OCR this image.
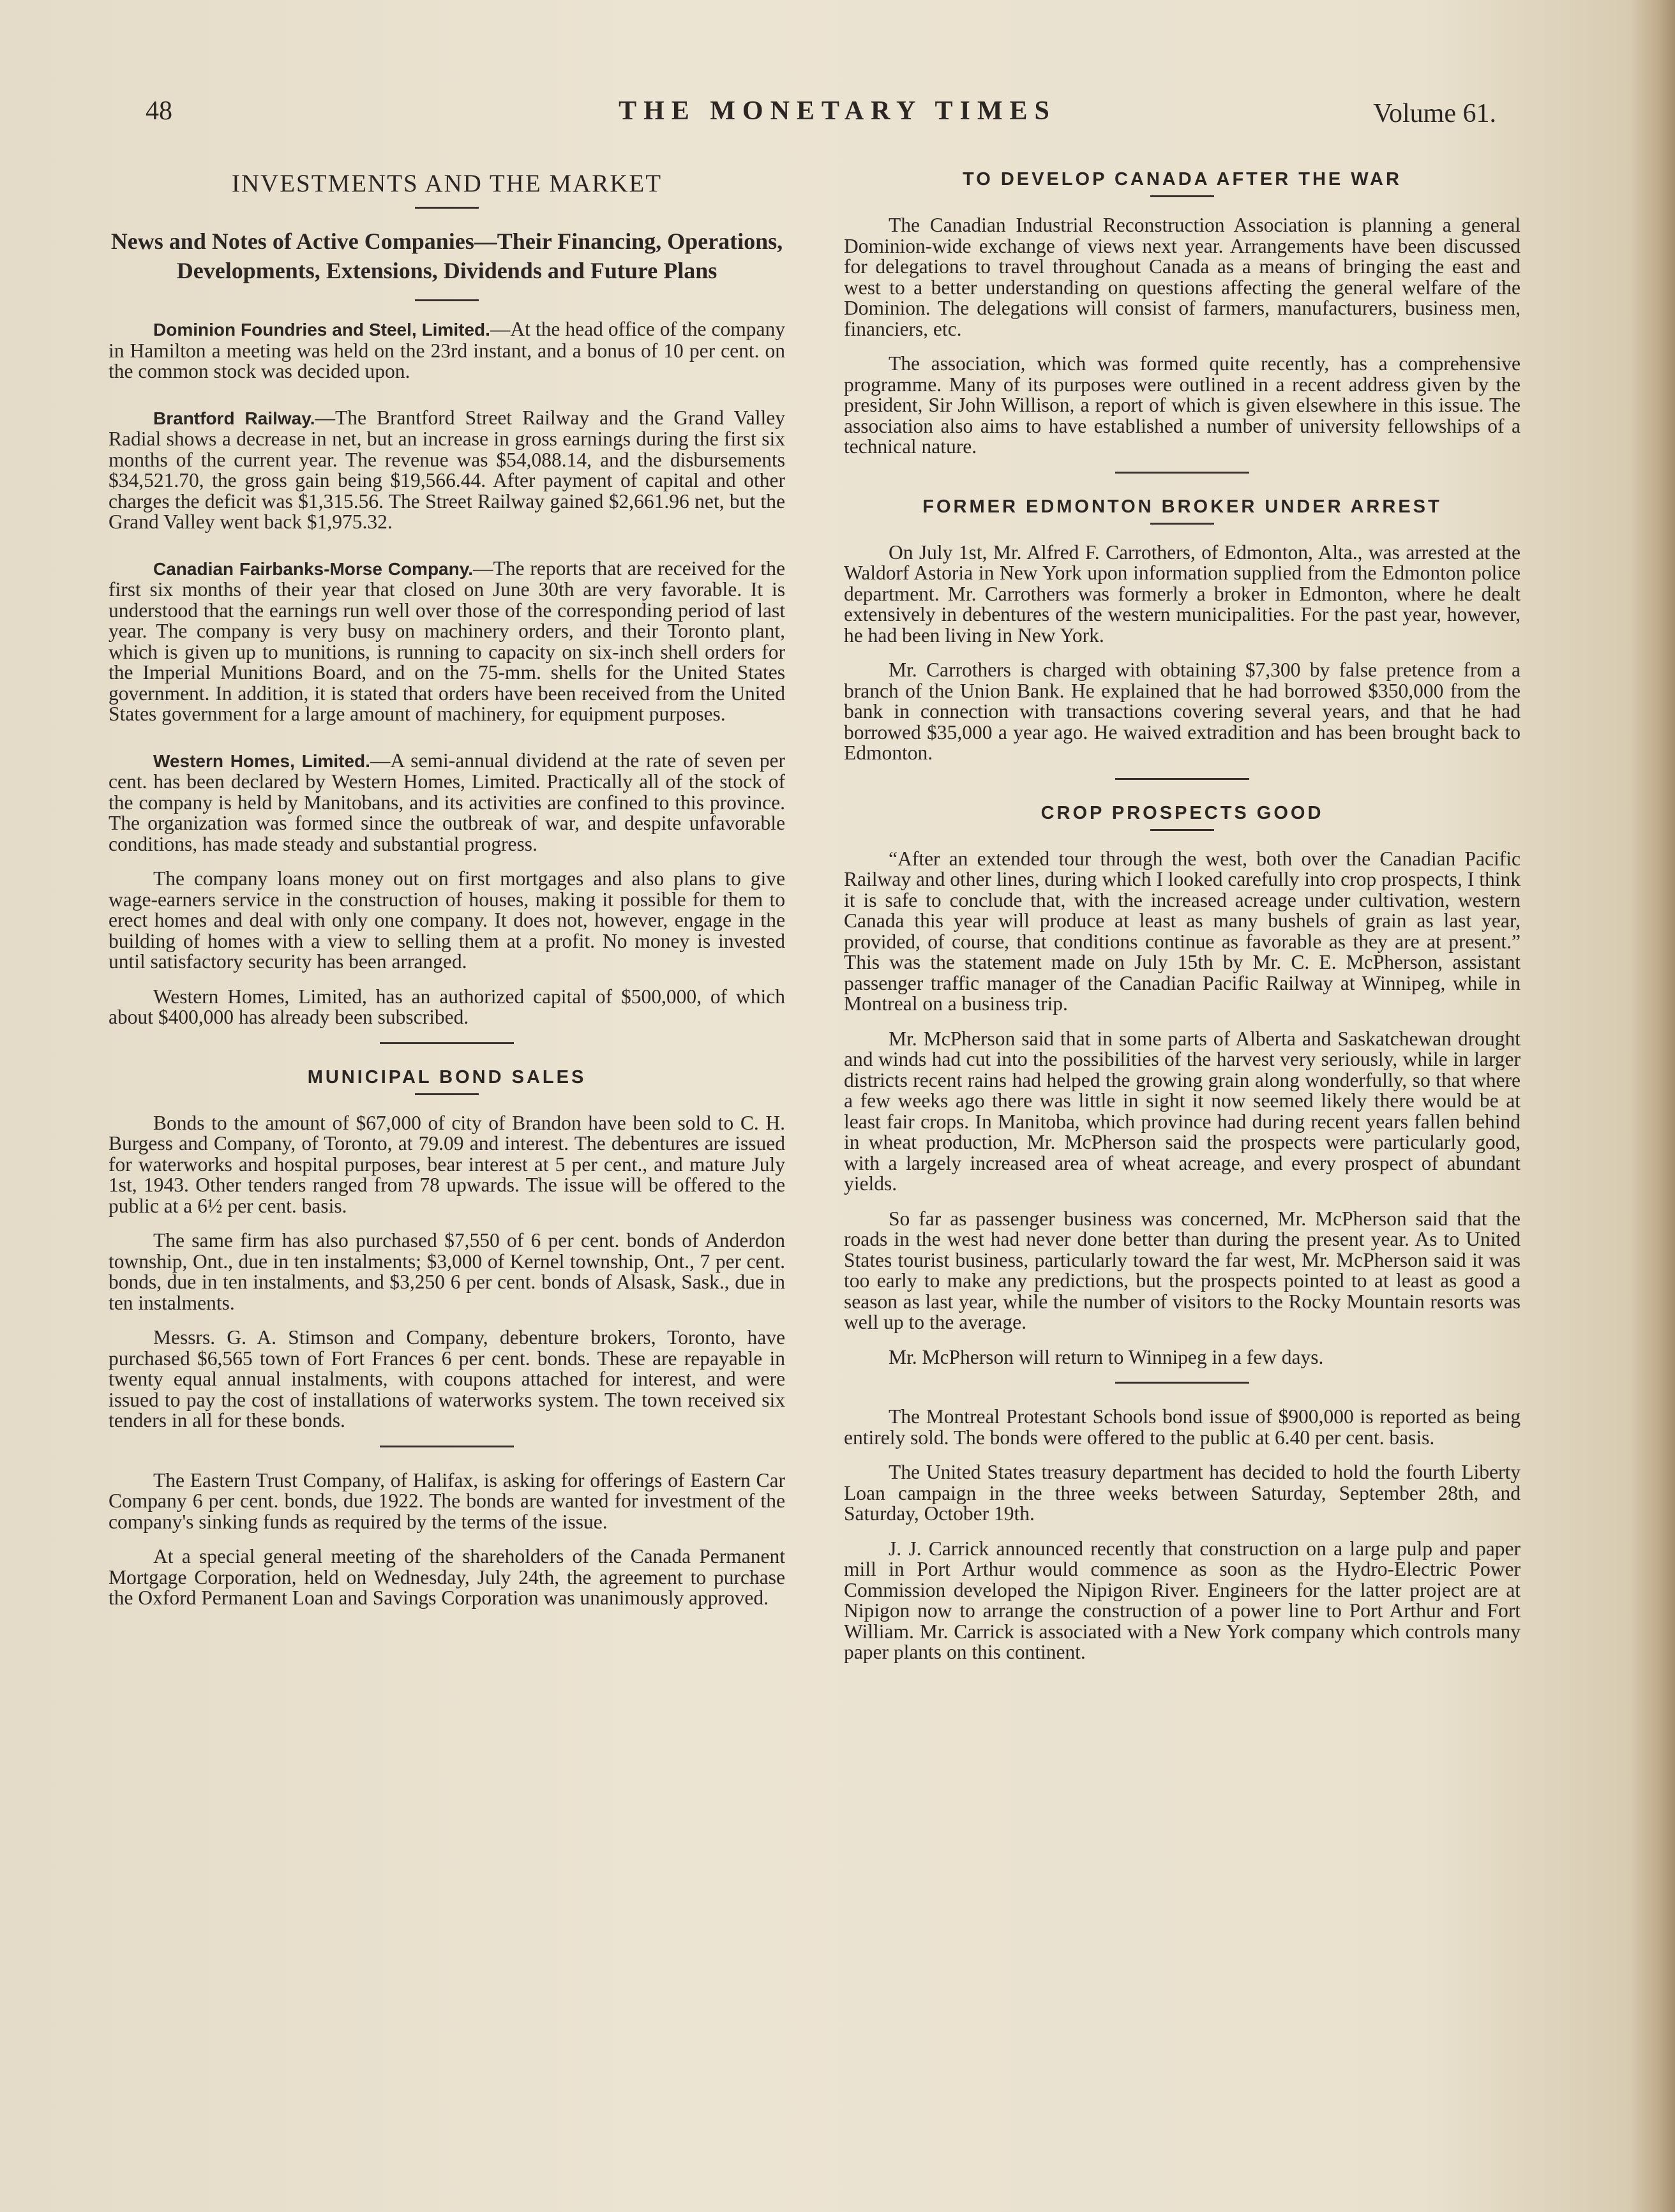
48	THE MONETARY TIMES	Volume 61.
INVESTMENTS AND THE MARKET
News and Notes of Active Companies—Their Financing, Operations, Developments, Extensions, Dividends and Future Plans

Dominion Foundries and Steel, Limited.—At the head office of the company in Hamilton a meeting was held on the 23rd instant, and a bonus of 10 per cent. on the common stock was decided upon.

Brantford Railway.—The Brantford Street Railway and the Grand Valley Radial shows a decrease in net, but an increase in gross earnings during the first six months of the current year. The revenue was $54,088.14, and the disbursements $34,521.70, the gross gain being $19,566.44. After payment of capital and other charges the deficit was $1,315.56. The Street Railway gained $2,661.96 net, but the Grand Valley went back $1,975.32.

Canadian Fairbanks-Morse Company.—The reports that are received for the first six months of their year that closed on June 30th are very favorable. It is understood that the earnings run well over those of the corresponding period of last year. The company is very busy on machinery orders, and their Toronto plant, which is given up to munitions, is running to capacity on six-inch shell orders for the Imperial Munitions Board, and on the 75-mm. shells for the United States government. In addition, it is stated that orders have been received from the United States government for a large amount of machinery, for equipment purposes.

Western Homes, Limited.—A semi-annual dividend at the rate of seven per cent. has been declared by Western Homes, Limited. Practically all of the stock of the company is held by Manitobans, and its activities are confined to this province. The organization was formed since the outbreak of war, and despite unfavorable conditions, has made steady and substantial progress.

The company loans money out on first mortgages and also plans to give wage-earners service in the construction of houses, making it possible for them to erect homes and deal with only one company. It does not, however, engage in the building of homes with a view to selling them at a profit. No money is invested until satisfactory security has been arranged.

Western Homes, Limited, has an authorized capital of $500,000, of which about $400,000 has already been subscribed.

MUNICIPAL BOND SALES

Bonds to the amount of $67,000 of city of Brandon have been sold to C. H. Burgess and Company, of Toronto, at 79.09 and interest. The debentures are issued for waterworks and hospital purposes, bear interest at 5 per cent., and mature July 1st, 1943. Other tenders ranged from 78 upwards. The issue will be offered to the public at a 6½ per cent. basis.

The same firm has also purchased $7,550 of 6 per cent. bonds of Anderdon township, Ont., due in ten instalments; $3,000 of Kernel township, Ont., 7 per cent. bonds, due in ten instalments, and $3,250 6 per cent. bonds of Alsask, Sask., due in ten instalments.

Messrs. G. A. Stimson and Company, debenture brokers, Toronto, have purchased $6,565 town of Fort Frances 6 per cent. bonds. These are repayable in twenty equal annual instalments, with coupons attached for interest, and were issued to pay the cost of installations of waterworks system. The town received six tenders in all for these bonds.

The Eastern Trust Company, of Halifax, is asking for offerings of Eastern Car Company 6 per cent. bonds, due 1922. The bonds are wanted for investment of the company's sinking funds as required by the terms of the issue.

At a special general meeting of the shareholders of the Canada Permanent Mortgage Corporation, held on Wednesday, July 24th, the agreement to purchase the Oxford Permanent Loan and Savings Corporation was unanimously approved.

TO DEVELOP CANADA AFTER THE WAR

The Canadian Industrial Reconstruction Association is planning a general Dominion-wide exchange of views next year. Arrangements have been discussed for delegations to travel throughout Canada as a means of bringing the east and west to a better understanding on questions affecting the general welfare of the Dominion. The delegations will consist of farmers, manufacturers, business men, financiers, etc.

The association, which was formed quite recently, has a comprehensive programme. Many of its purposes were outlined in a recent address given by the president, Sir John Willison, a report of which is given elsewhere in this issue. The association also aims to have established a number of university fellowships of a technical nature.

FORMER EDMONTON BROKER UNDER ARREST

On July 1st, Mr. Alfred F. Carrothers, of Edmonton, Alta., was arrested at the Waldorf Astoria in New York upon information supplied from the Edmonton police department. Mr. Carrothers was formerly a broker in Edmonton, where he dealt extensively in debentures of the western municipalities. For the past year, however, he had been living in New York.

Mr. Carrothers is charged with obtaining $7,300 by false pretence from a branch of the Union Bank. He explained that he had borrowed $350,000 from the bank in connection with transactions covering several years, and that he had borrowed $35,000 a year ago. He waived extradition and has been brought back to Edmonton.

CROP PROSPECTS GOOD

“After an extended tour through the west, both over the Canadian Pacific Railway and other lines, during which I looked carefully into crop prospects, I think it is safe to conclude that, with the increased acreage under cultivation, western Canada this year will produce at least as many bushels of grain as last year, provided, of course, that conditions continue as favorable as they are at present.” This was the statement made on July 15th by Mr. C. E. McPherson, assistant passenger traffic manager of the Canadian Pacific Railway at Winnipeg, while in Montreal on a business trip.

Mr. McPherson said that in some parts of Alberta and Saskatchewan drought and winds had cut into the possibilities of the harvest very seriously, while in larger districts recent rains had helped the growing grain along wonderfully, so that where a few weeks ago there was little in sight it now seemed likely there would be at least fair crops. In Manitoba, which province had during recent years fallen behind in wheat production, Mr. McPherson said the prospects were particularly good, with a largely increased area of wheat acreage, and every prospect of abundant yields.

So far as passenger business was concerned, Mr. McPherson said that the roads in the west had never done better than during the present year. As to United States tourist business, particularly toward the far west, Mr. McPherson said it was too early to make any predictions, but the prospects pointed to at least as good a season as last year, while the number of visitors to the Rocky Mountain resorts was well up to the average.

Mr. McPherson will return to Winnipeg in a few days.

The Montreal Protestant Schools bond issue of $900,000 is reported as being entirely sold. The bonds were offered to the public at 6.40 per cent. basis.

The United States treasury department has decided to hold the fourth Liberty Loan campaign in the three weeks between Saturday, September 28th, and Saturday, October 19th.

J. J. Carrick announced recently that construction on a large pulp and paper mill in Port Arthur would commence as soon as the Hydro-Electric Power Commission developed the Nipigon River. Engineers for the latter project are at Nipigon now to arrange the construction of a power line to Port Arthur and Fort William. Mr. Carrick is associated with a New York company which controls many paper plants on this continent.
